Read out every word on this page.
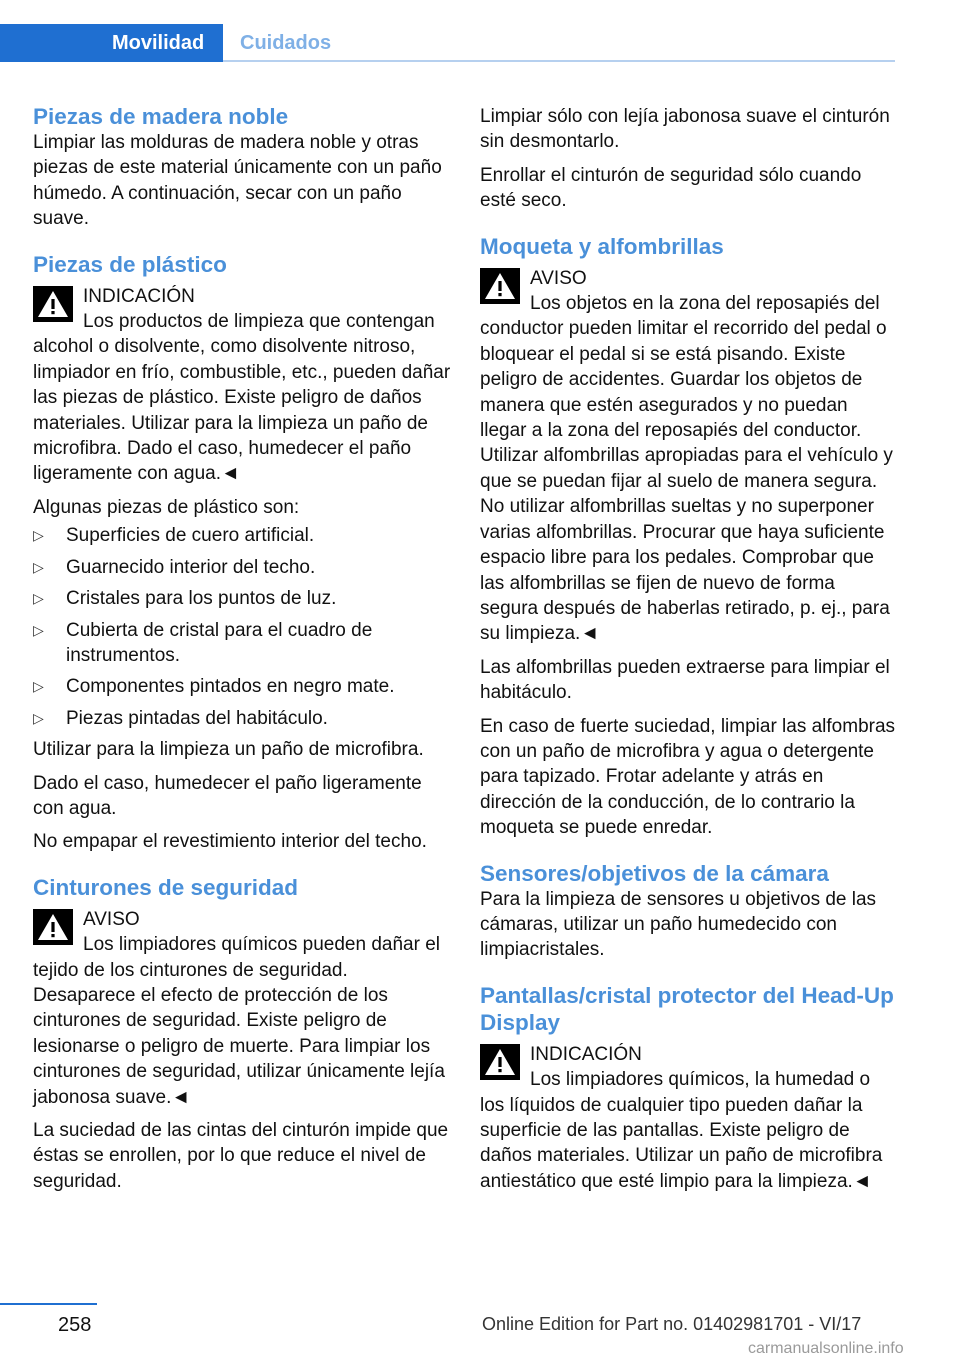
Movilidad Cuidados
Piezas de madera noble

Limpiar las molduras de madera noble y otras piezas de este material únicamente con un paño húmedo. A continuación, secar con un paño suave.

Piezas de plástico
INDICACIÓN
Los productos de limpieza que contengan alcohol o disolvente, como disolvente nitroso, limpiador en frío, combustible, etc., pueden dañar las piezas de plástico. Existe peligro de daños materiales. Utilizar para la limpieza un paño de microfibra. Dado el caso, humedecer el paño ligeramente con agua.◄

Algunas piezas de plástico son:

▷ Superficies de cuero artificial.
▷ Guarnecido interior del techo.
▷ Cristales para los puntos de luz.
▷ Cubierta de cristal para el cuadro de instrumentos.
▷ Componentes pintados en negro mate.
▷ Piezas pintadas del habitáculo.

Utilizar para la limpieza un paño de microfibra.

Dado el caso, humedecer el paño ligeramente con agua.

No empapar el revestimiento interior del techo.

Cinturones de seguridad
AVISO
Los limpiadores químicos pueden dañar el tejido de los cinturones de seguridad. Desaparece el efecto de protección de los cinturones de seguridad. Existe peligro de lesionarse o peligro de muerte. Para limpiar los cinturones de seguridad, utilizar únicamente lejía jabonosa suave.◄

La suciedad de las cintas del cinturón impide que éstas se enrollen, por lo que reduce el nivel de seguridad.

Limpiar sólo con lejía jabonosa suave el cinturón sin desmontarlo.

Enrollar el cinturón de seguridad sólo cuando esté seco.

Moqueta y alfombrillas
AVISO
Los objetos en la zona del reposapiés del conductor pueden limitar el recorrido del pedal o bloquear el pedal si se está pisando. Existe peligro de accidentes. Guardar los objetos de manera que estén asegurados y no puedan llegar a la zona del reposapiés del conductor. Utilizar alfombrillas apropiadas para el vehículo y que se puedan fijar al suelo de manera segura. No utilizar alfombrillas sueltas y no superponer varias alfombrillas. Procurar que haya suficiente espacio libre para los pedales. Comprobar que las alfombrillas se fijen de nuevo de forma segura después de haberlas retirado, p. ej., para su limpieza.◄

Las alfombrillas pueden extraerse para limpiar el habitáculo.

En caso de fuerte suciedad, limpiar las alfombras con un paño de microfibra y agua o detergente para tapizado. Frotar adelante y atrás en dirección de la conducción, de lo contrario la moqueta se puede enredar.

Sensores/objetivos de la cámara

Para la limpieza de sensores u objetivos de las cámaras, utilizar un paño humedecido con limpiacristales.

Pantallas/cristal protector del Head-Up Display
INDICACIÓN
Los limpiadores químicos, la humedad o los líquidos de cualquier tipo pueden dañar la superficie de las pantallas. Existe peligro de daños materiales. Utilizar un paño de microfibra antiestático que esté limpio para la limpieza.◄
258	Online Edition for Part no. 01402981701 - VI/17
carmanualsonline.info
